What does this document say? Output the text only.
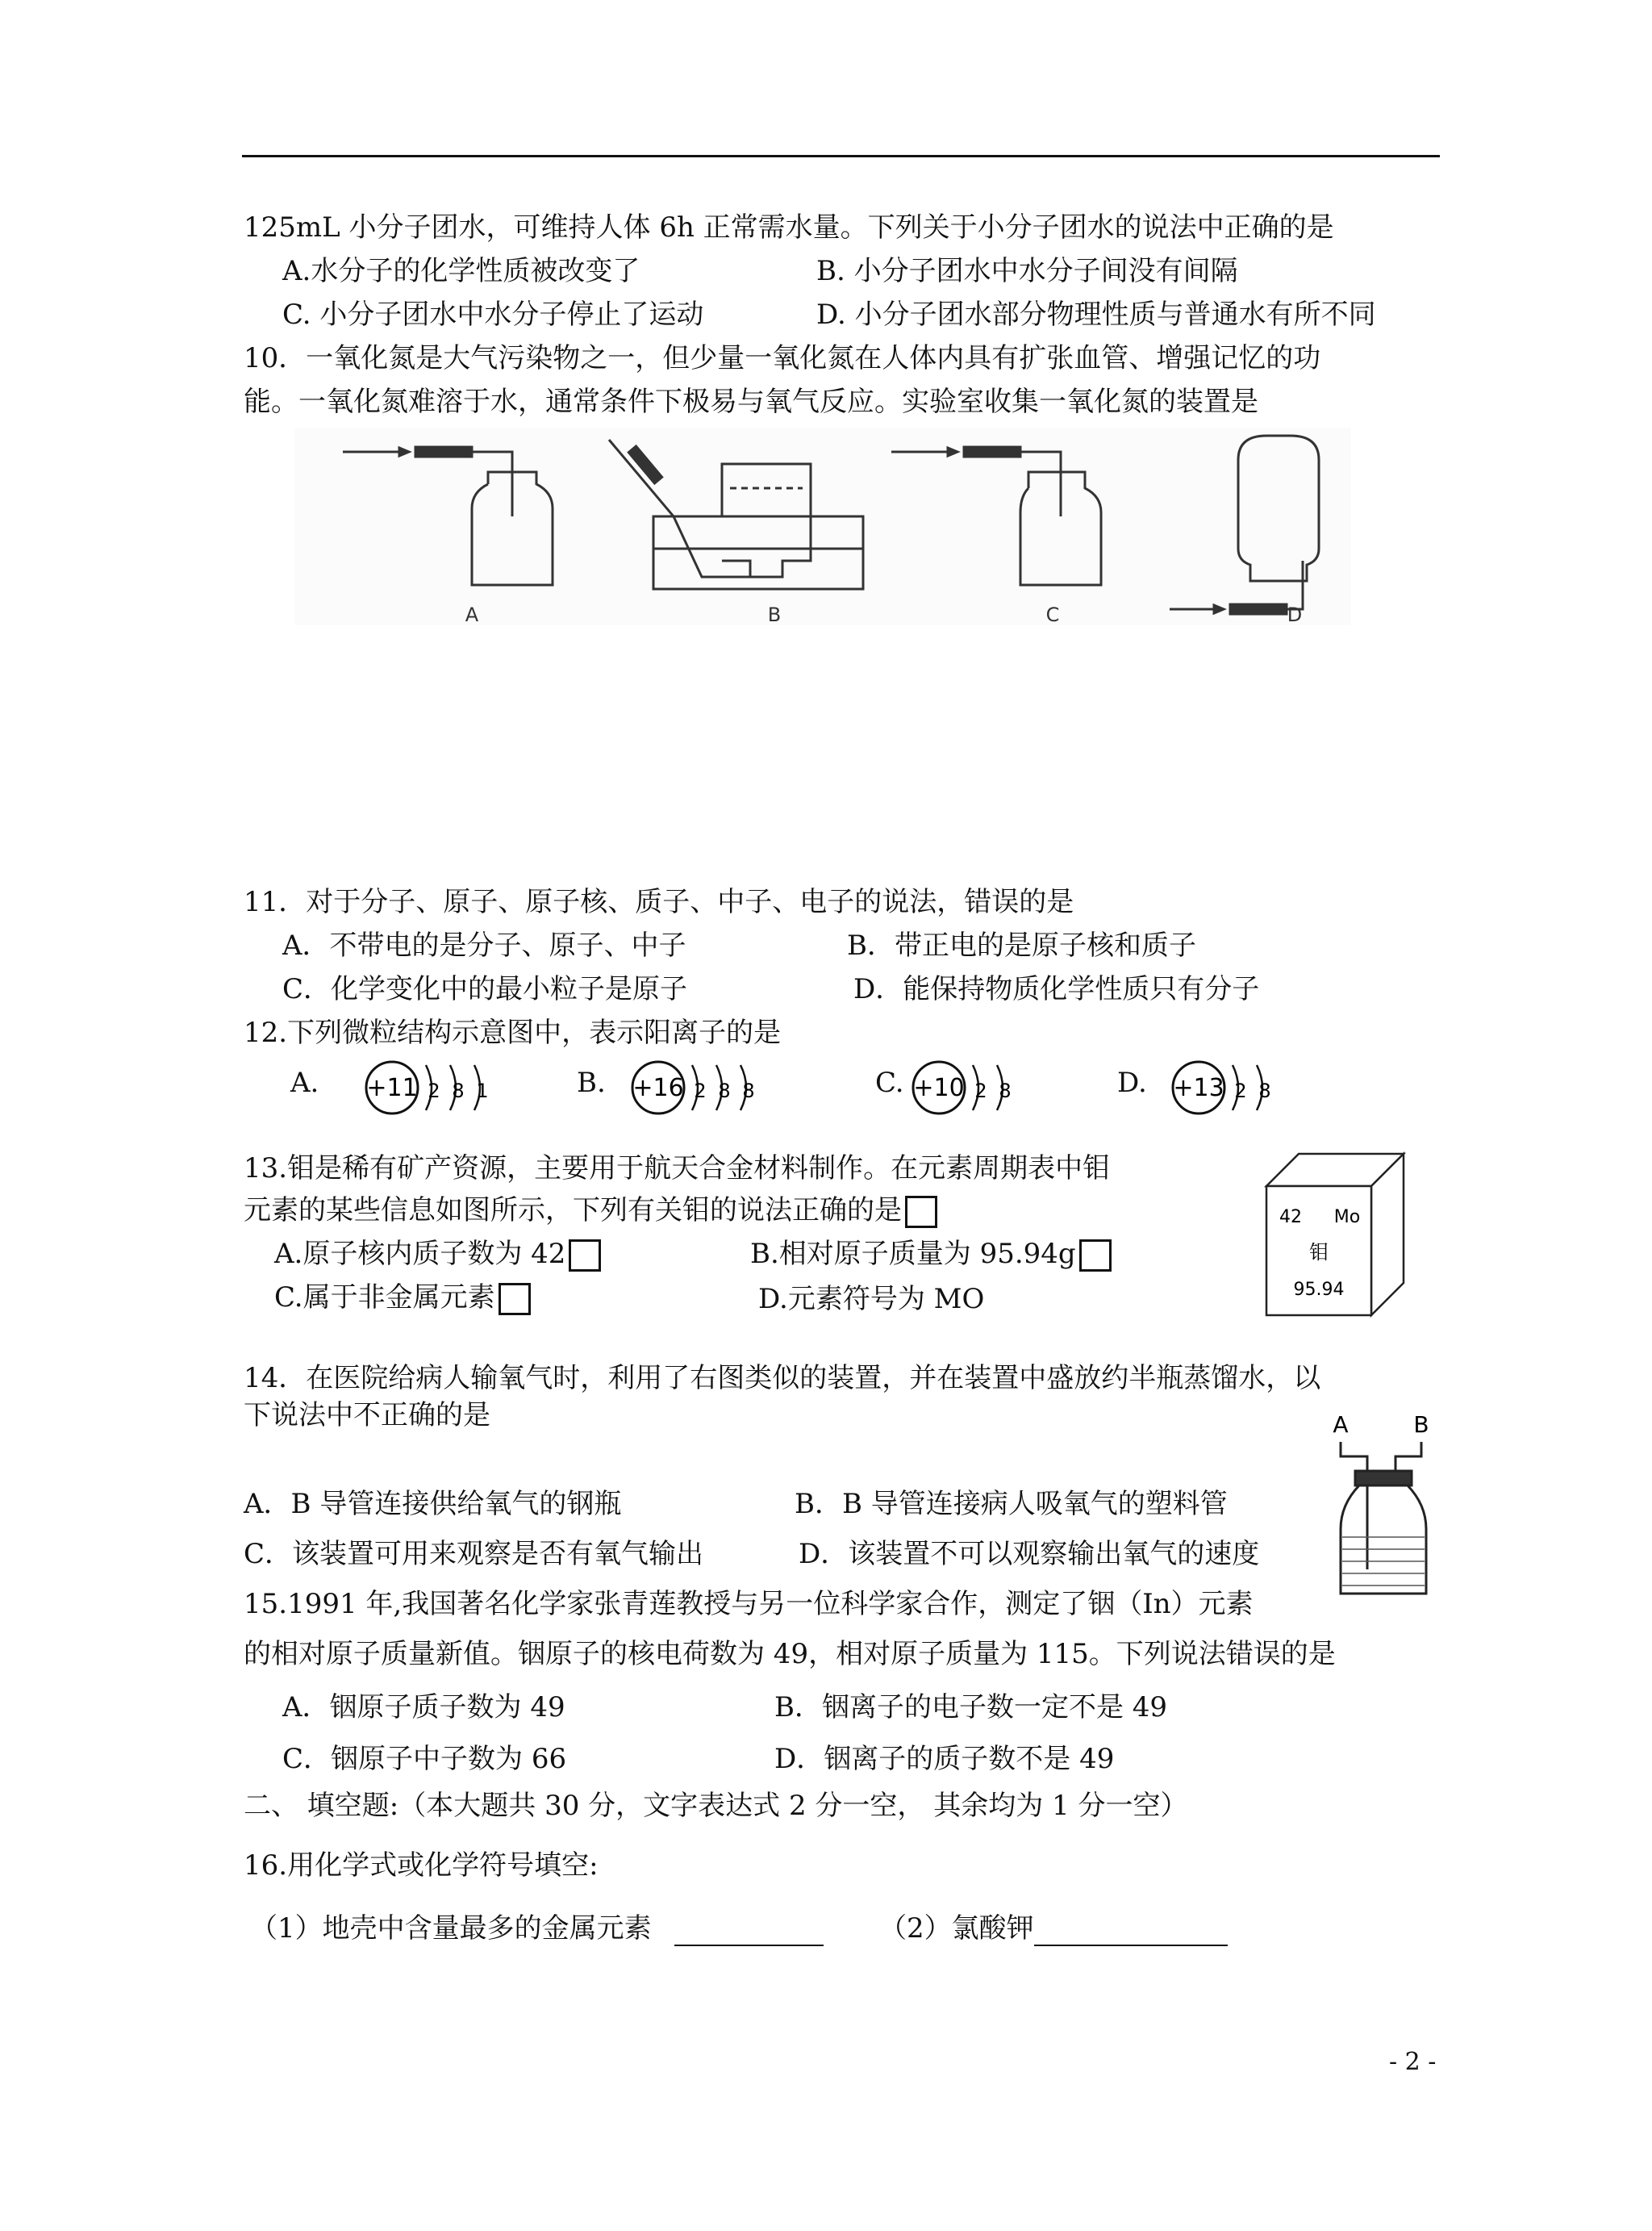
125mL 小分子团水，可维持人体 6h 正常需水量。下列关于小分子团水的说法中正确的是
A.水分子的化学性质被改变了	B. 小分子团水中水分子间没有间隔
C. 小分子团水中水分子停止了运动	D. 小分子团水部分物理性质与普通水有所不同
10．一氧化氮是大气污染物之一，但少量一氧化氮在人体内具有扩张血管、增强记忆的功
能。一氧化氮难溶于水，通常条件下极易与氧气反应。实验室收集一氧化氮的装置是
A	B	C	D
11．对于分子、原子、原子核、质子、中子、电子的说法，错误的是
A．不带电的是分子、原子、中子	B．带正电的是原子核和质子
C．化学变化中的最小粒子是原子	D．能保持物质化学性质只有分子
12.下列微粒结构示意图中，表示阳离子的是
A. +11 2 8 1	B. +16 2 8 8	C. +10 2 8	D. +13 2 8
13.钼是稀有矿产资源，主要用于航天合金材料制作。在元素周期表中钼
元素的某些信息如图所示，下列有关钼的说法正确的是
A.原子核内质子数为 42	B.相对原子质量为 95.94g
C.属于非金属元素	D.元素符号为 MO
42 Mo
钼
95.94
14．在医院给病人输氧气时，利用了右图类似的装置，并在装置中盛放约半瓶蒸馏水，以
下说法中不正确的是
A．B 导管连接供给氧气的钢瓶	B．B 导管连接病人吸氧气的塑料管
C．该装置可用来观察是否有氧气输出	D．该装置不可以观察输出氧气的速度
A	B
15.1991 年,我国著名化学家张青莲教授与另一位科学家合作，测定了铟（In）元素
的相对原子质量新值。铟原子的核电荷数为 49，相对原子质量为 115。下列说法错误的是
A．铟原子质子数为 49	B．铟离子的电子数一定不是 49
C．铟原子中子数为 66	D．铟离子的质子数不是 49
二、 填空题:（本大题共 30 分，文字表达式 2 分一空， 其余均为 1 分一空）
16.用化学式或化学符号填空:
（1）地壳中含量最多的金属元素	（2）氯酸钾
- 2 -
